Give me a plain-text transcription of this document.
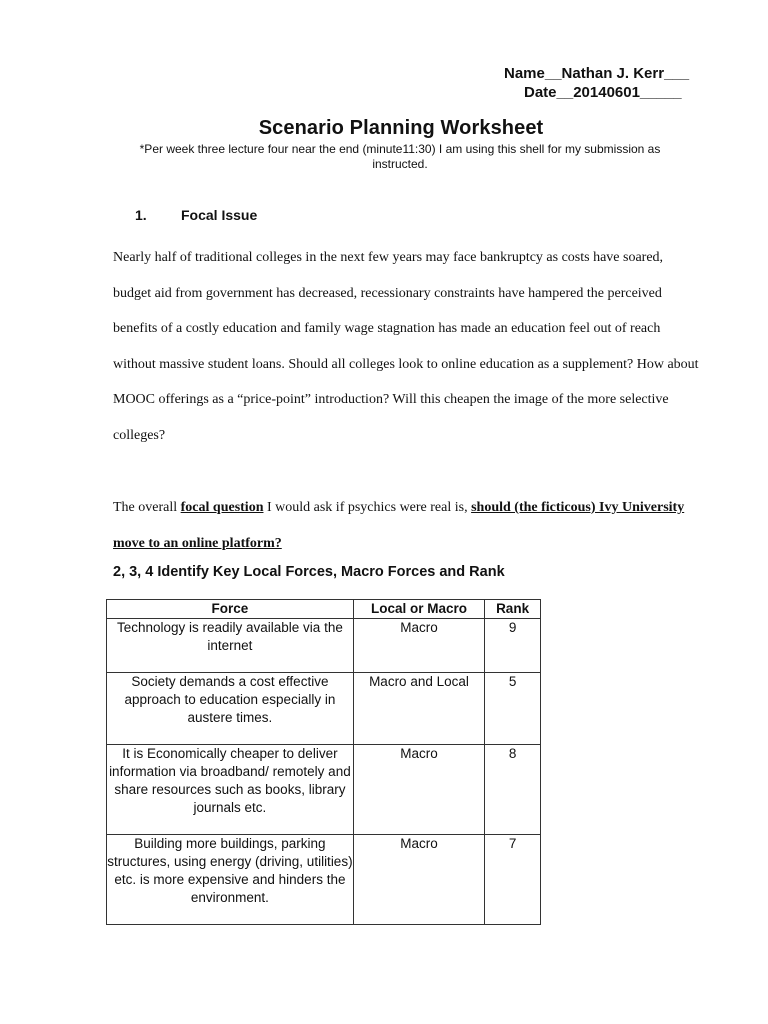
Name__Nathan J. Kerr___
Date__20140601_____
Scenario Planning Worksheet
*Per week three lecture four near the end (minute11:30) I am using this shell for my submission as instructed.
1. Focal Issue

Nearly half of traditional colleges in the next few years may face bankruptcy as costs have soared, budget aid from government has decreased, recessionary constraints have hampered the perceived benefits of a costly education and family wage stagnation has made an education feel out of reach without massive student loans. Should all colleges look to online education as a supplement? How about MOOC offerings as a “price-point” introduction? Will this cheapen the image of the more selective colleges?

The overall focal question I would ask if psychics were real is, should (the ficticous) Ivy University move to an online platform?

2, 3, 4 Identify Key Local Forces, Macro Forces and Rank
Force	Local or Macro	Rank
Technology is readily available via the internet	Macro	9
Society demands a cost effective approach to education especially in austere times.	Macro and Local	5
It is Economically cheaper to deliver information via broadband/ remotely and share resources such as books, library journals etc.	Macro	8
Building more buildings, parking structures, using energy (driving, utilities) etc. is more expensive and hinders the environment.	Macro	7
